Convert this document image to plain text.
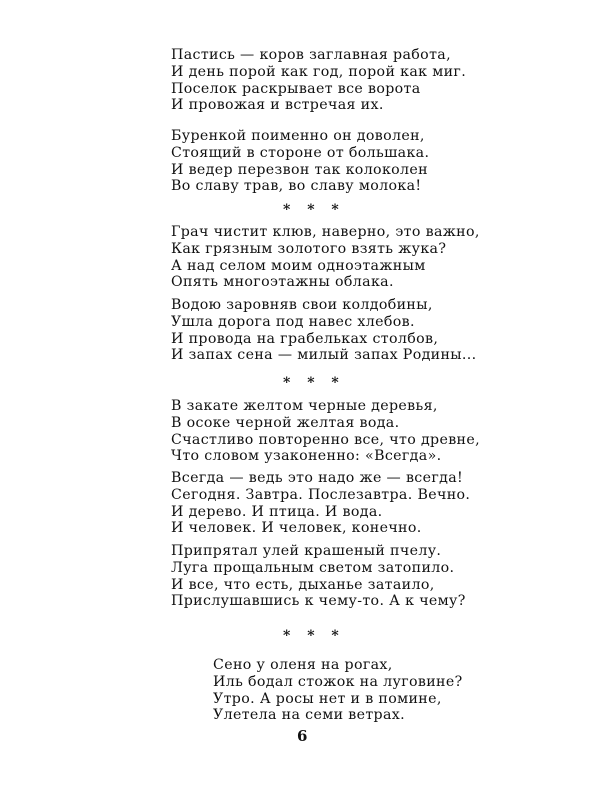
Пастись — коров заглавная работа,
И день порой как год, порой как миг.
Поселок раскрывает все ворота
И провожая и встречая их.
Буренкой поименно он доволен,
Стоящий в стороне от большака.
И ведер перезвон так колоколен
Во славу трав, во славу молока!
* * *
Грач чистит клюв, наверно, это важно,
Как грязным золотого взять жука?
А над селом моим одноэтажным
Опять многоэтажны облака.
Водою заровняв свои колдобины,
Ушла дорога под навес хлебов.
И провода на грабельках столбов,
И запах сена — милый запах Родины...
* * *
В закате желтом черные деревья,
В осоке черной желтая вода.
Счастливо повторенно все, что древне,
Что словом узаконенно: «Всегда».
Всегда — ведь это надо же — всегда!
Сегодня. Завтра. Послезавтра. Вечно.
И дерево. И птица. И вода.
И человек. И человек, конечно.
Припрятал улей крашеный пчелу.
Луга прощальным светом затопило.
И все, что есть, дыханье затаило,
Прислушавшись к чему-то. А к чему?
* * *
Сено у оленя на рогах,
Иль бодал стожок на луговине?
Утро. А росы нет и в помине,
Улетела на семи ветрах.
6
